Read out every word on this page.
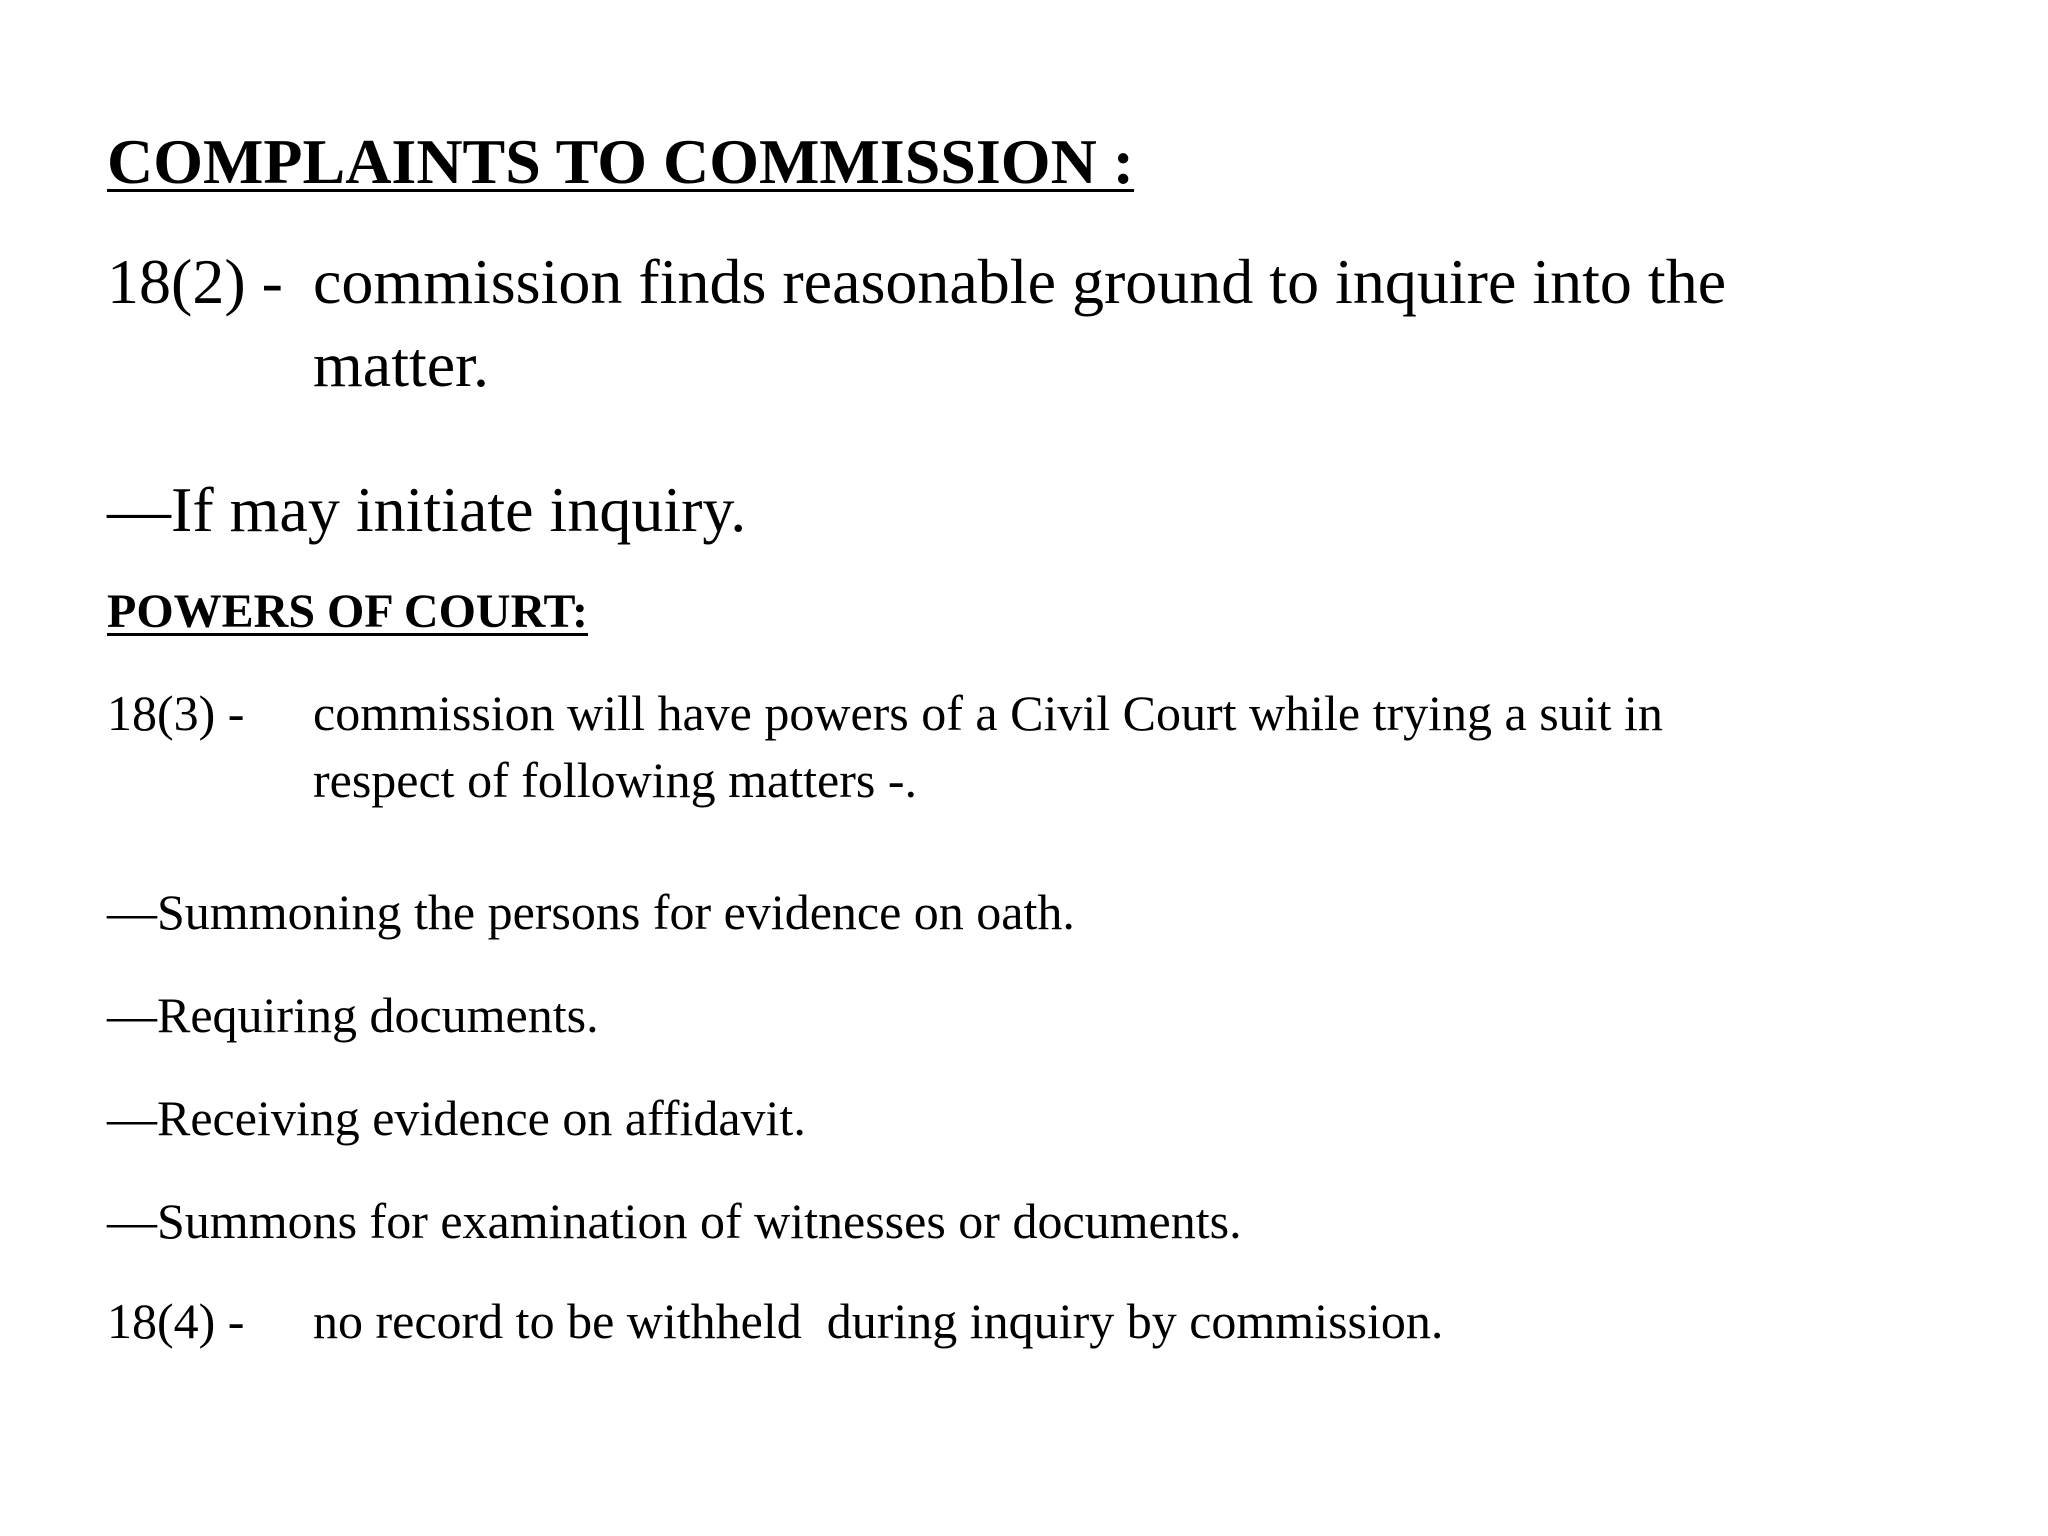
COMPLAINTS TO COMMISSION :
18(2) - commission finds reasonable ground to inquire into the
matter.

—If may initiate inquiry.

POWERS OF COURT:
18(3) -	commission will have powers of a Civil Court while trying a suit in
respect of following matters -.

—Summoning the persons for evidence on oath.

—Requiring documents.

—Receiving evidence on affidavit.

—Summons for examination of witnesses or documents.

18(4) -	no record to be withheld  during inquiry by commission.
